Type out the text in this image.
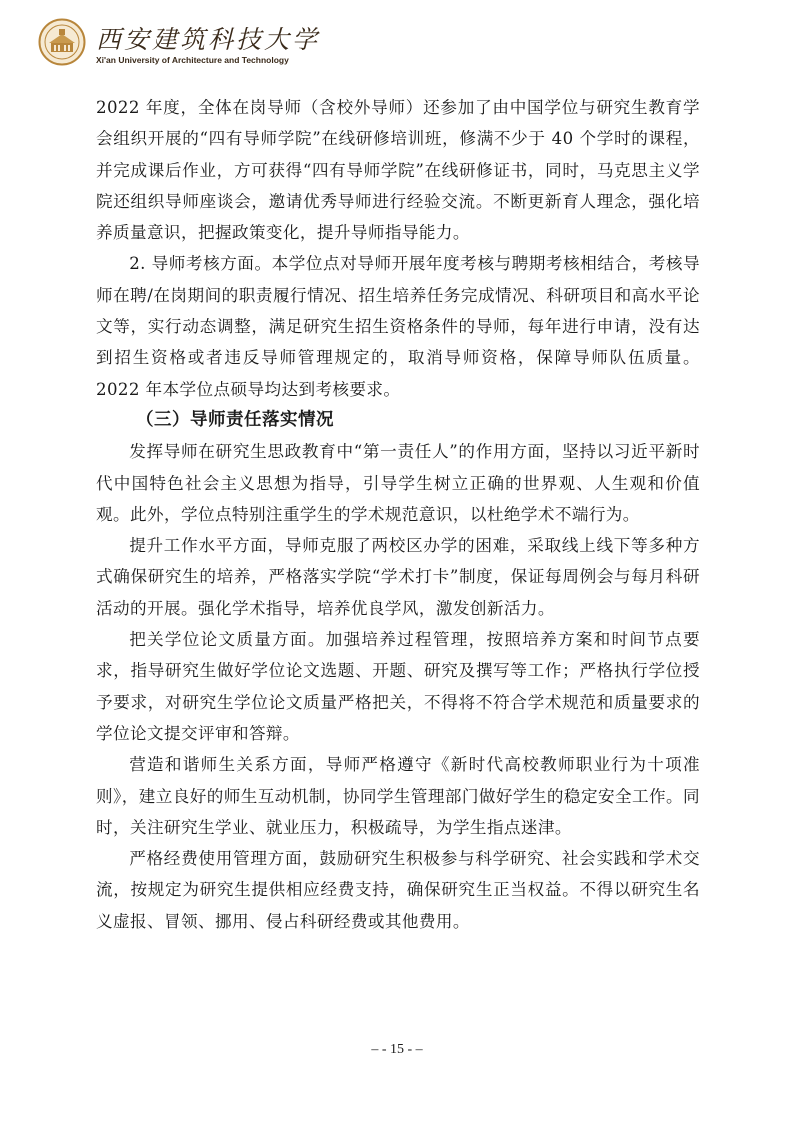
西安建筑科技大学
Xi'an University of Architecture and Technology

2022 年度，全体在岗导师（含校外导师）还参加了由中国学位与研究生教育学会组织开展的“四有导师学院”在线研修培训班，修满不少于 40 个学时的课程，并完成课后作业，方可获得“四有导师学院”在线研修证书，同时，马克思主义学院还组织导师座谈会，邀请优秀导师进行经验交流。不断更新育人理念，强化培养质量意识，把握政策变化，提升导师指导能力。

2. 导师考核方面。本学位点对导师开展年度考核与聘期考核相结合，考核导师在聘/在岗期间的职责履行情况、招生培养任务完成情况、科研项目和高水平论文等，实行动态调整，满足研究生招生资格条件的导师，每年进行申请，没有达到招生资格或者违反导师管理规定的，取消导师资格，保障导师队伍质量。2022 年本学位点硕导均达到考核要求。

（三）导师责任落实情况

发挥导师在研究生思政教育中“第一责任人”的作用方面，坚持以习近平新时代中国特色社会主义思想为指导，引导学生树立正确的世界观、人生观和价值观。此外，学位点特别注重学生的学术规范意识，以杜绝学术不端行为。

提升工作水平方面，导师克服了两校区办学的困难，采取线上线下等多种方式确保研究生的培养，严格落实学院“学术打卡”制度，保证每周例会与每月科研活动的开展。强化学术指导，培养优良学风，激发创新活力。

把关学位论文质量方面。加强培养过程管理，按照培养方案和时间节点要求，指导研究生做好学位论文选题、开题、研究及撰写等工作；严格执行学位授予要求，对研究生学位论文质量严格把关，不得将不符合学术规范和质量要求的学位论文提交评审和答辩。

营造和谐师生关系方面，导师严格遵守《新时代高校教师职业行为十项准则》，建立良好的师生互动机制，协同学生管理部门做好学生的稳定安全工作。同时，关注研究生学业、就业压力，积极疏导，为学生指点迷津。

严格经费使用管理方面，鼓励研究生积极参与科学研究、社会实践和学术交流，按规定为研究生提供相应经费支持，确保研究生正当权益。不得以研究生名义虚报、冒领、挪用、侵占科研经费或其他费用。

– - 15 - –
